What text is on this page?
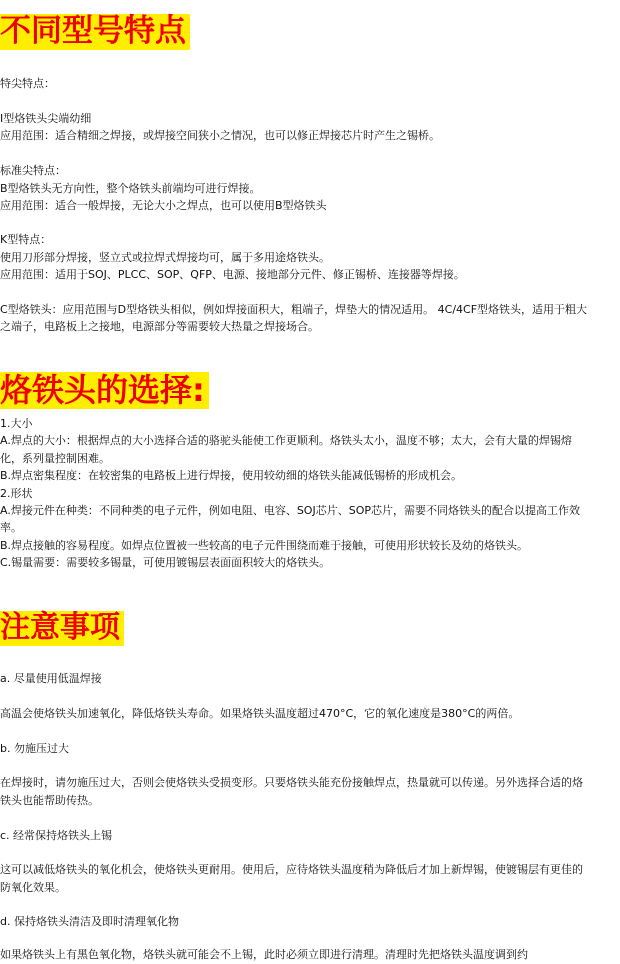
不同型号特点

特尖特点：

I型烙铁头尖端幼细

应用范围：适合精细之焊接，或焊接空间狭小之情况，也可以修正焊接芯片时产生之锡桥。

标准尖特点：

B型烙铁头无方向性，整个烙铁头前端均可进行焊接。

应用范围：适合一般焊接，无论大小之焊点，也可以使用B型烙铁头

K型特点：

使用刀形部分焊接，竖立式或拉焊式焊接均可，属于多用途烙铁头。

应用范围：适用于SOJ、PLCC、SOP、QFP、电源、接地部分元件、修正锡桥、连接器等焊接。

C型烙铁头：应用范围与D型烙铁头相似，例如焊接面积大，粗端子，焊垫大的情况适用。 4C/4CF型烙铁头，适用于粗大

之端子，电路板上之接地，电源部分等需要较大热量之焊接场合。

烙铁头的选择:

1.大小

A.焊点的大小：根据焊点的大小选择合适的骆驼头能使工作更顺利。烙铁头太小，温度不够；太大，会有大量的焊锡熔

化，系列量控制困难。

B.焊点密集程度：在较密集的电路板上进行焊接，使用较幼细的烙铁头能减低锡桥的形成机会。

2.形状

A.焊接元件在种类：不同种类的电子元件，例如电阻、电容、SOJ芯片、SOP芯片，需要不同烙铁头的配合以提高工作效

率。

B.焊点接触的容易程度。如焊点位置被一些较高的电子元件围绕而难于接触，可使用形状较长及幼的烙铁头。

C.锡量需要：需要较多锡量，可使用镀锡层表面面积较大的烙铁头。

注意事项

a. 尽量使用低温焊接

高温会使烙铁头加速氧化，降低烙铁头寿命。如果烙铁头温度超过470°C，它的氧化速度是380°C的两倍。

b. 勿施压过大

在焊接时，请勿施压过大，否则会使烙铁头受损变形。只要烙铁头能充份接触焊点，热量就可以传递。另外选择合适的烙

铁头也能帮助传热。

c. 经常保持烙铁头上锡

这可以减低烙铁头的氧化机会，使烙铁头更耐用。使用后，应待烙铁头温度稍为降低后才加上新焊锡，使镀锡层有更佳的

防氧化效果。

d. 保持烙铁头清洁及即时清理氧化物

如果烙铁头上有黑色氧化物，烙铁头就可能会不上锡，此时必须立即进行清理。清理时先把烙铁头温度调到约
